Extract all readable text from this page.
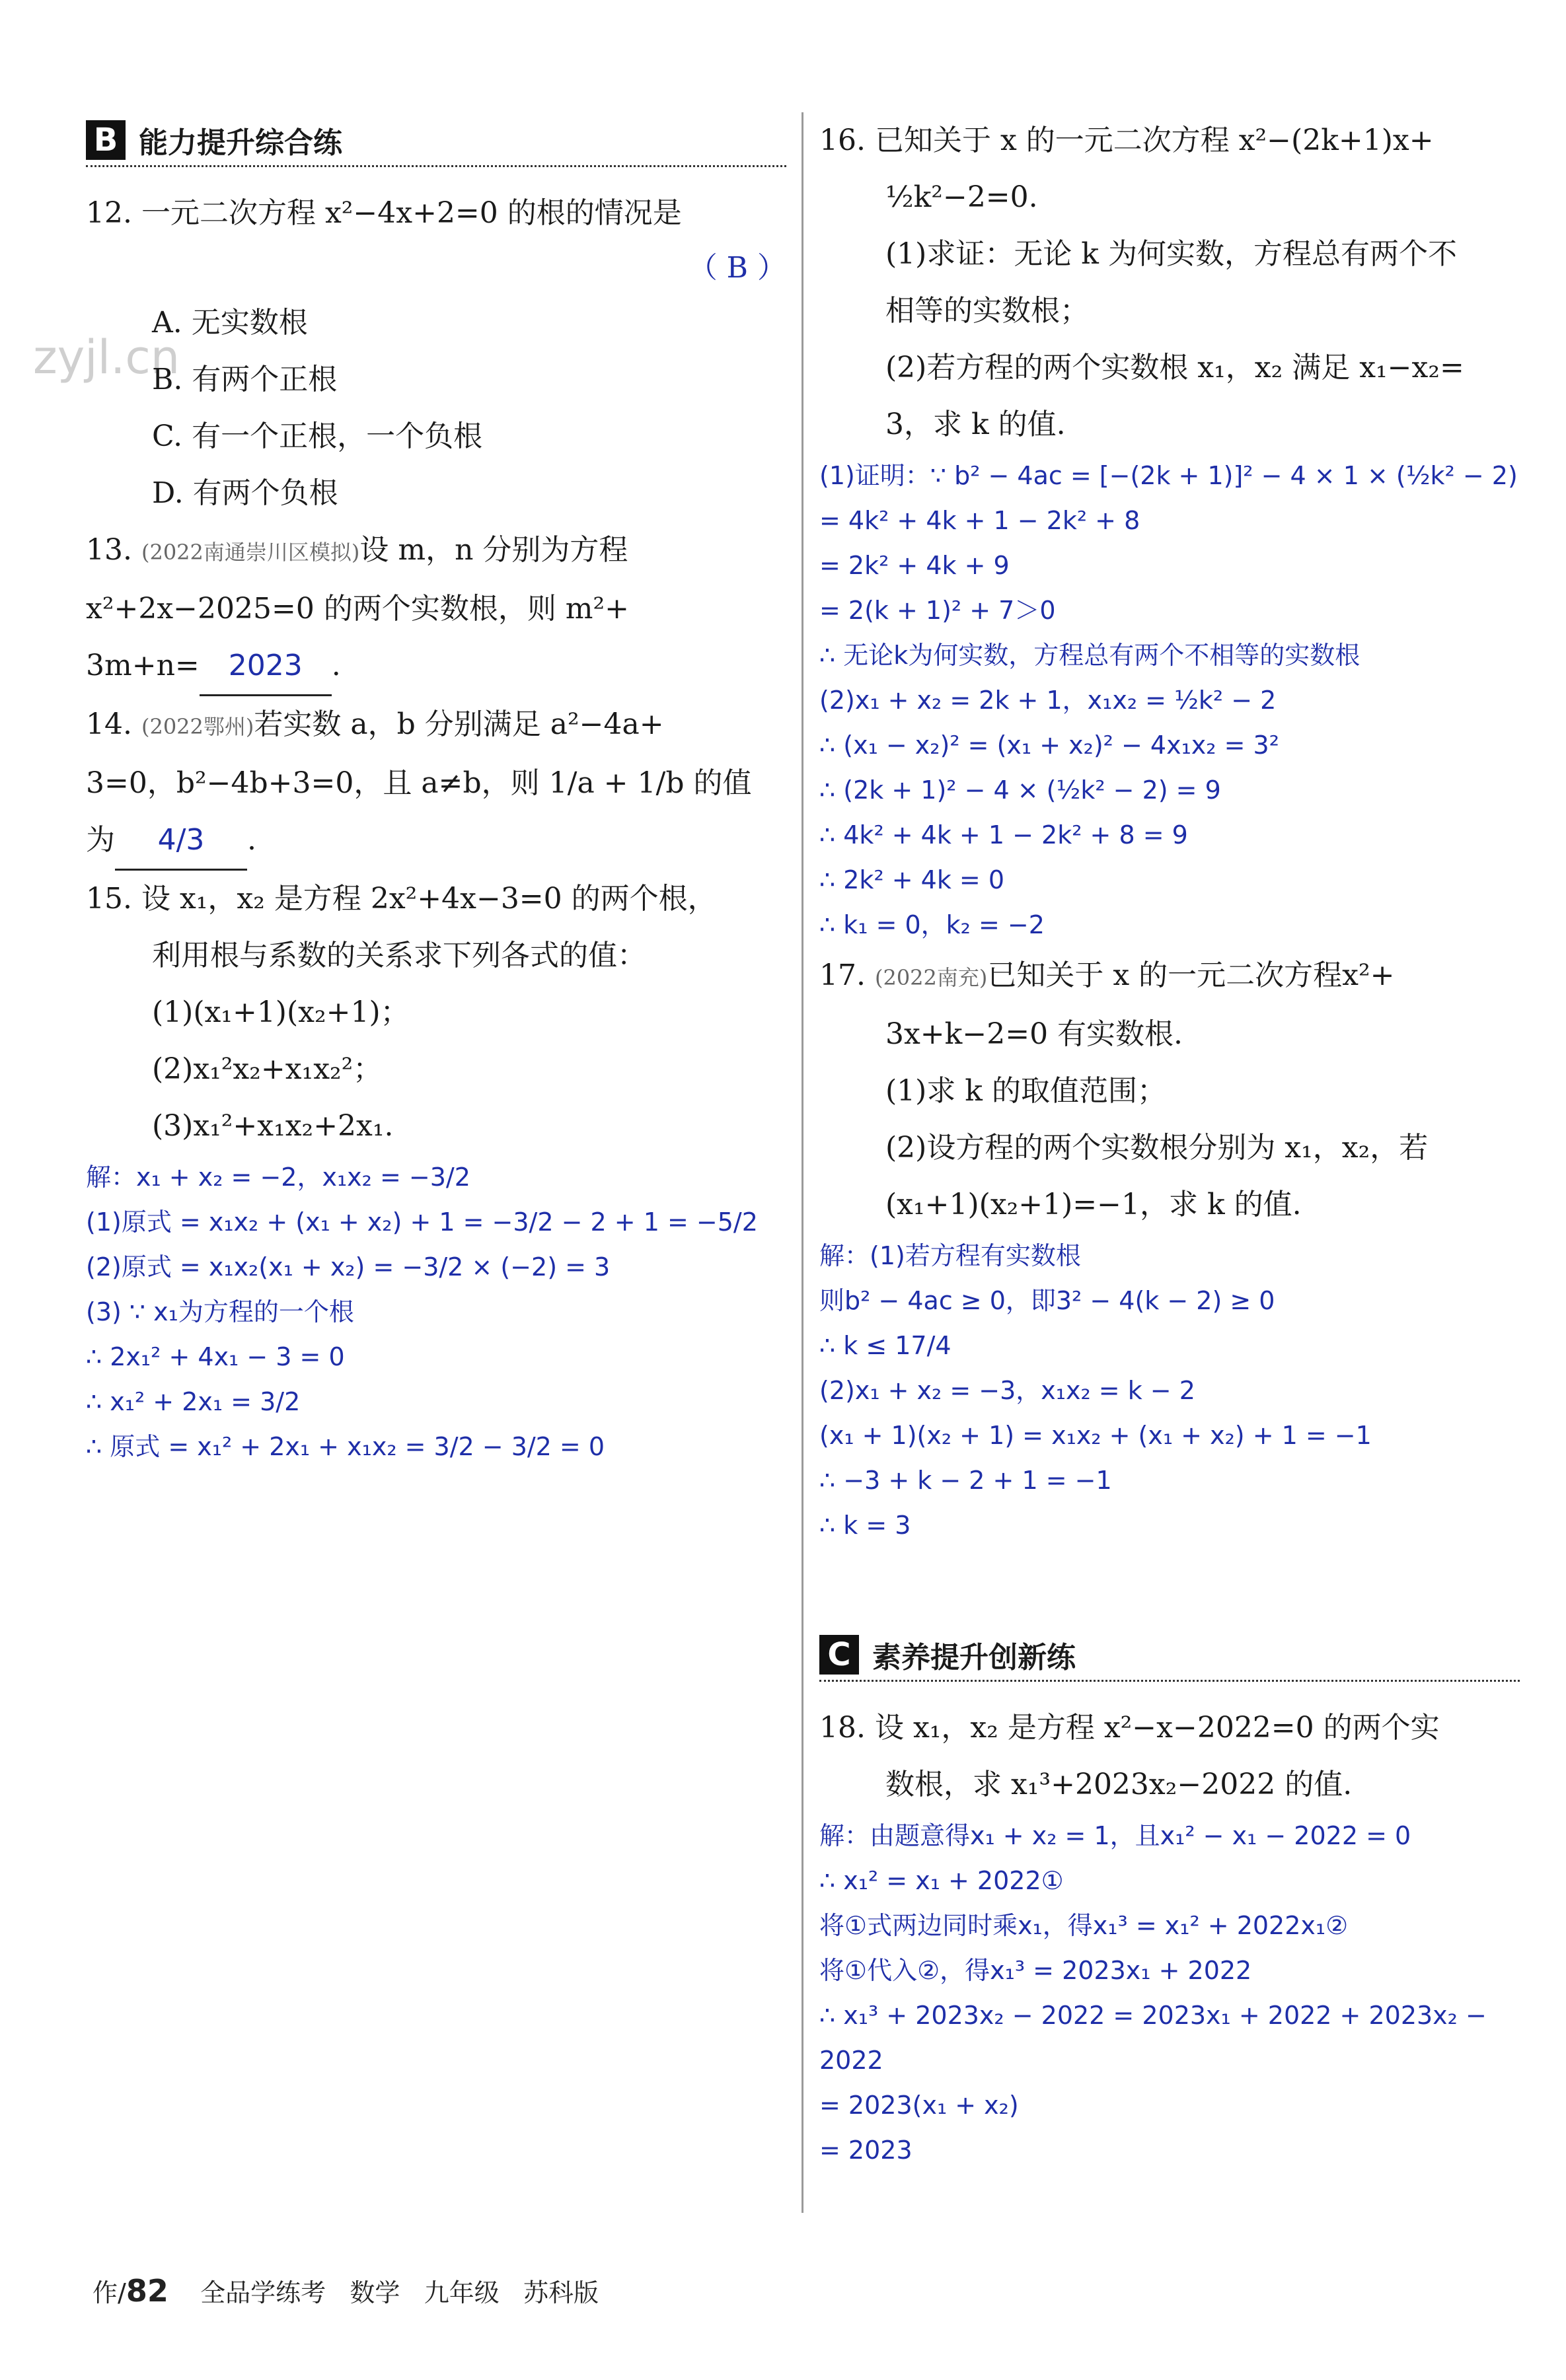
zyjl.cn
B 能力提升综合练
12. 一元二次方程 x²−4x+2=0 的根的情况是
（ B ）
A. 无实数根
B. 有两个正根
C. 有一个正根，一个负根
D. 有两个负根
13. (2022南通崇川区模拟)设 m，n 分别为方程
x²+2x−2025=0 的两个实数根，则 m²+
3m+n= 2023 .
14. (2022鄂州)若实数 a，b 分别满足 a²−4a+
3=0，b²−4b+3=0，且 a≠b，则 1/a + 1/b 的值
为 4/3 .
15. 设 x₁，x₂ 是方程 2x²+4x−3=0 的两个根，
利用根与系数的关系求下列各式的值：
(1)(x₁+1)(x₂+1)；
(2)x₁²x₂+x₁x₂²；
(3)x₁²+x₁x₂+2x₁.
解：x₁ + x₂ = −2，x₁x₂ = −3/2
(1)原式 = x₁x₂ + (x₁ + x₂) + 1 = −3/2 − 2 + 1 = −5/2
(2)原式 = x₁x₂(x₁ + x₂) = −3/2 × (−2) = 3
(3) ∵ x₁为方程的一个根
∴ 2x₁² + 4x₁ − 3 = 0
∴ x₁² + 2x₁ = 3/2
∴ 原式 = x₁² + 2x₁ + x₁x₂ = 3/2 − 3/2 = 0
16. 已知关于 x 的一元二次方程 x²−(2k+1)x+
½k²−2=0.
(1)求证：无论 k 为何实数，方程总有两个不
相等的实数根；
(2)若方程的两个实数根 x₁，x₂ 满足 x₁−x₂=
3，求 k 的值.
(1)证明：∵ b² − 4ac = [−(2k + 1)]² − 4 × 1 × (½k² − 2)
= 4k² + 4k + 1 − 2k² + 8
= 2k² + 4k + 9
= 2(k + 1)² + 7＞0
∴ 无论k为何实数，方程总有两个不相等的实数根
(2)x₁ + x₂ = 2k + 1，x₁x₂ = ½k² − 2
∴ (x₁ − x₂)² = (x₁ + x₂)² − 4x₁x₂ = 3²
∴ (2k + 1)² − 4 × (½k² − 2) = 9
∴ 4k² + 4k + 1 − 2k² + 8 = 9
∴ 2k² + 4k = 0
∴ k₁ = 0，k₂ = −2
17. (2022南充)已知关于 x 的一元二次方程x²+
3x+k−2=0 有实数根.
(1)求 k 的取值范围；
(2)设方程的两个实数根分别为 x₁，x₂，若
(x₁+1)(x₂+1)=−1，求 k 的值.
解：(1)若方程有实数根
则b² − 4ac ≥ 0，即3² − 4(k − 2) ≥ 0
∴ k ≤ 17/4
(2)x₁ + x₂ = −3，x₁x₂ = k − 2
(x₁ + 1)(x₂ + 1) = x₁x₂ + (x₁ + x₂) + 1 = −1
∴ −3 + k − 2 + 1 = −1
∴ k = 3
C 素养提升创新练
18. 设 x₁，x₂ 是方程 x²−x−2022=0 的两个实
数根，求 x₁³+2023x₂−2022 的值.
解：由题意得x₁ + x₂ = 1，且x₁² − x₁ − 2022 = 0
∴ x₁² = x₁ + 2022①
将①式两边同时乘x₁，得x₁³ = x₁² + 2022x₁②
将①代入②，得x₁³ = 2023x₁ + 2022
∴ x₁³ + 2023x₂ − 2022 = 2023x₁ + 2022 + 2023x₂ − 2022
= 2023(x₁ + x₂)
= 2023
作/82 全品学练考 数学 九年级 苏科版
